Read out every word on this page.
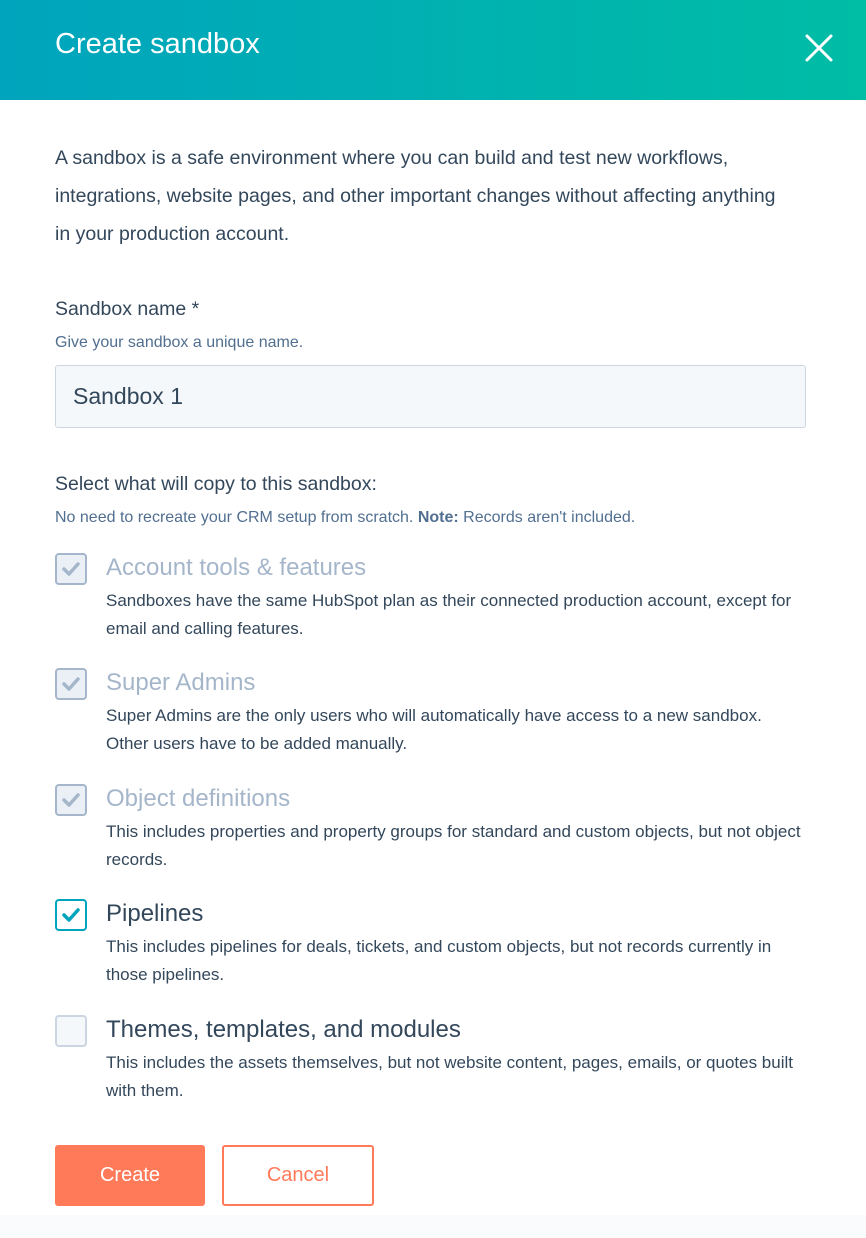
Create sandbox
A sandbox is a safe environment where you can build and test new workflows, integrations, website pages, and other important changes without affecting anything in your production account.
Sandbox name *
Give your sandbox a unique name.
Sandbox 1
Select what will copy to this sandbox:
No need to recreate your CRM setup from scratch. Note: Records aren't included.
Account tools & features
Sandboxes have the same HubSpot plan as their connected production account, except for email and calling features.
Super Admins
Super Admins are the only users who will automatically have access to a new sandbox. Other users have to be added manually.
Object definitions
This includes properties and property groups for standard and custom objects, but not object records.
Pipelines
This includes pipelines for deals, tickets, and custom objects, but not records currently in those pipelines.
Themes, templates, and modules
This includes the assets themselves, but not website content, pages, emails, or quotes built with them.
Create	Cancel
